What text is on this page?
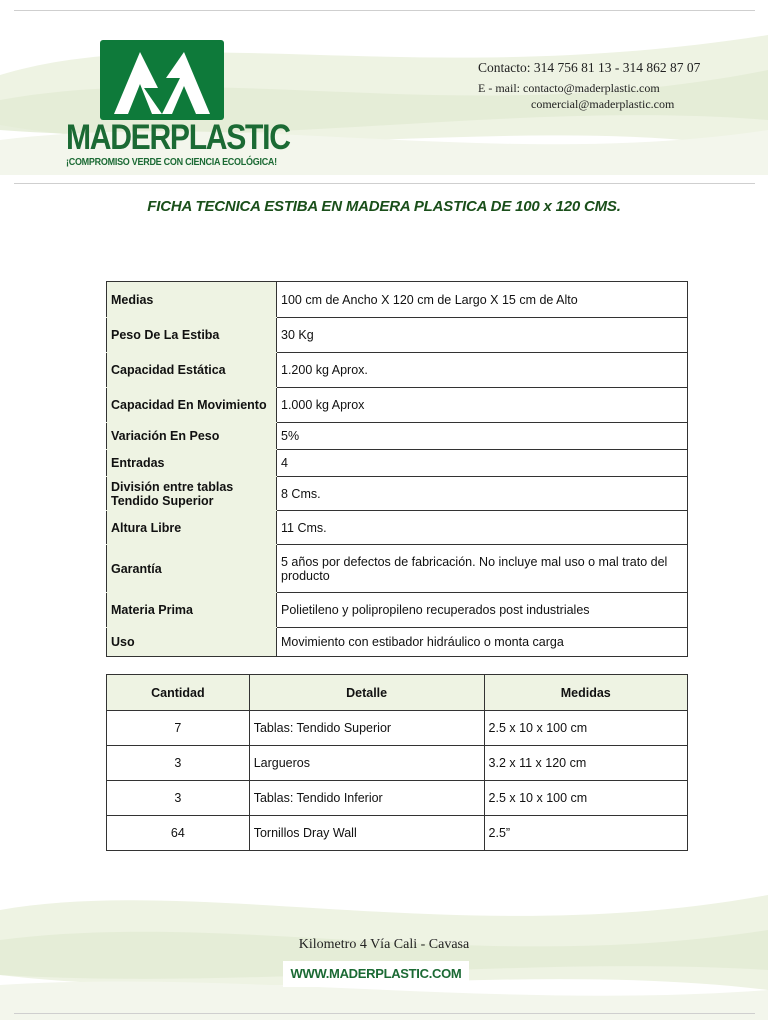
MADERPLASTIC
¡COMPROMISO VERDE CON CIENCIA ECOLÓGICA!
Contacto: 314 756 81 13 - 314 862 87 07
E - mail: contacto@maderplastic.com
comercial@maderplastic.com
FICHA TECNICA ESTIBA EN MADERA PLASTICA DE 100 x 120 CMS.
Medias	100 cm de Ancho X 120 cm de Largo X 15 cm de Alto
Peso De La Estiba	30 Kg
Capacidad Estática	1.200 kg Aprox.
Capacidad En Movimiento	1.000 kg Aprox
Variación En Peso	5%
Entradas	4
División entre tablas Tendido Superior	8 Cms.
Altura Libre	11 Cms.
Garantía	5 años por defectos de fabricación. No incluye mal uso o mal trato del producto
Materia Prima	Polietileno y polipropileno recuperados post industriales
Uso	Movimiento con estibador hidráulico o monta carga
Cantidad	Detalle	Medidas
7	Tablas: Tendido Superior	2.5 x 10 x 100 cm
3	Largueros	3.2 x 11 x 120 cm
3	Tablas: Tendido Inferior	2.5 x 10 x 100 cm
64	Tornillos Dray Wall	2.5”
Kilometro 4 Vía Cali - Cavasa
WWW.MADERPLASTIC.COM
